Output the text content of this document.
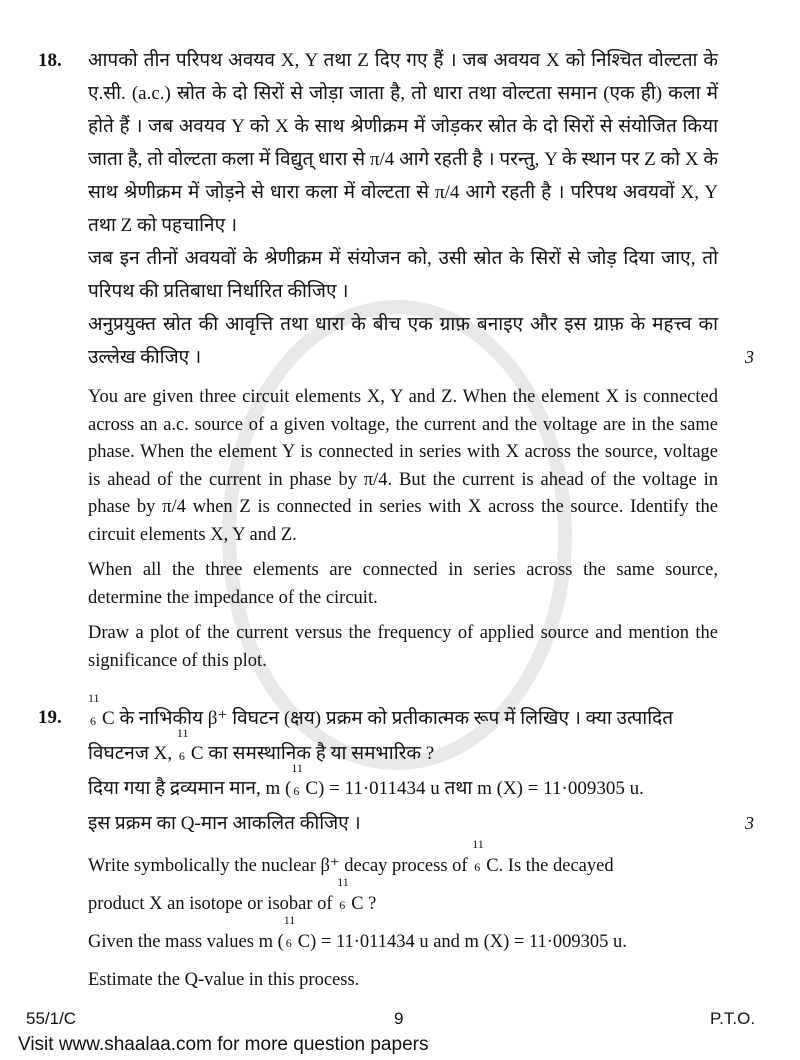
18.	आपको तीन परिपथ अवयव X, Y तथा Z दिए गए हैं । जब अवयव X को निश्चित वोल्टता के ए.सी. (a.c.) स्रोत के दो सिरों से जोड़ा जाता है, तो धारा तथा वोल्टता समान (एक ही) कला में होते हैं । जब अवयव Y को X के साथ श्रेणीक्रम में जोड़कर स्रोत के दो सिरों से संयोजित किया जाता है, तो वोल्टता कला में विद्युत् धारा से π/4 आगे रहती है । परन्तु, Y के स्थान पर Z को X के साथ श्रेणीक्रम में जोड़ने से धारा कला में वोल्टता से π/4 आगे रहती है । परिपथ अवयवों X, Y तथा Z को पहचानिए ।
जब इन तीनों अवयवों के श्रेणीक्रम में संयोजन को, उसी स्रोत के सिरों से जोड़ दिया जाए, तो परिपथ की प्रतिबाधा निर्धारित कीजिए ।
अनुप्रयुक्त स्रोत की आवृत्ति तथा धारा के बीच एक ग्राफ़ बनाइए और इस ग्राफ़ के महत्त्व का उल्लेख कीजिए ।	3
You are given three circuit elements X, Y and Z. When the element X is connected across an a.c. source of a given voltage, the current and the voltage are in the same phase. When the element Y is connected in series with X across the source, voltage is ahead of the current in phase by π/4. But the current is ahead of the voltage in phase by π/4 when Z is connected in series with X across the source. Identify the circuit elements X, Y and Z.
When all the three elements are connected in series across the same source, determine the impedance of the circuit.
Draw a plot of the current versus the frequency of applied source and mention the significance of this plot.
19.
11
6 C के नाभिकीय β⁺ विघटन (क्षय) प्रक्रम को प्रतीकात्मक रूप में लिखिए । क्या उत्पादित
विघटनज X,
11
6 C का समस्थानिक है या समभारिक ?
दिया गया है द्रव्यमान मान, m (
11
6 C) = 11·011434 u तथा m (X) = 11·009305 u.
इस प्रक्रम का Q-मान आकलित कीजिए ।	3
Write symbolically the nuclear β⁺ decay process of
11
6 C. Is the decayed
product X an isotope or isobar of
11
6 C ?
Given the mass values m (
11
6 C) = 11·011434 u and m (X) = 11·009305 u.
Estimate the Q-value in this process.
55/1/C	9	P.T.O.
Visit www.shaalaa.com for more question papers
